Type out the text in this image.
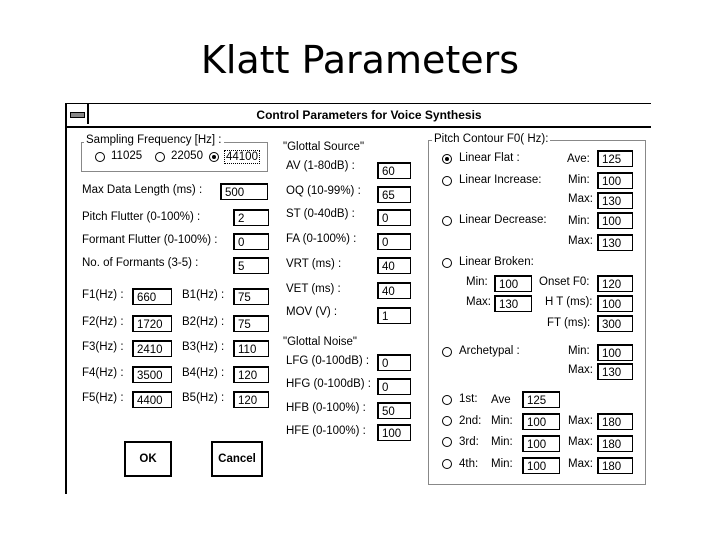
Klatt Parameters
Control Parameters for Voice Synthesis
Sampling Frequency [Hz] :
11025	22050 44100
Max Data Length (ms) :	500
Pitch Flutter (0-100%) :	2
Formant Flutter (0-100%) :	0
No. of Formants (3-5) :	5
F1(Hz) :	660	B1(Hz) :	75
F2(Hz) :	1720	B2(Hz) :	75
F3(Hz) :	2410	B3(Hz) :	110
F4(Hz) :	3500	B4(Hz) :	120
F5(Hz) :	4400	B5(Hz) :	120
OK	Cancel
"Glottal Source"
AV (1-80dB) :	60
OQ (10-99%) :	65
ST (0-40dB) :	0
FA (0-100%) :	0
VRT (ms) :	40
VET (ms) :	40
MOV (V) :	1
"Glottal Noise"
LFG (0-100dB) :	0
HFG (0-100dB) : 0
HFB (0-100%) :	50
HFE (0-100%) :	100
Pitch Contour F0( Hz):
Linear Flat :	Ave:	125
Linear Increase: Min:	100
Max: 130
Linear Decrease: Min:	100
Max: 130
Linear Broken:
Min: 100	Onset F0:	120
Max: 130	H T (ms): 100
FT (ms):	300
Archetypal :	Min:	100
Max: 130
1st: Ave	125
2nd: Min:	100	Max: 180
3rd: Min:	100	Max: 180
4th: Min:	100	Max: 180
